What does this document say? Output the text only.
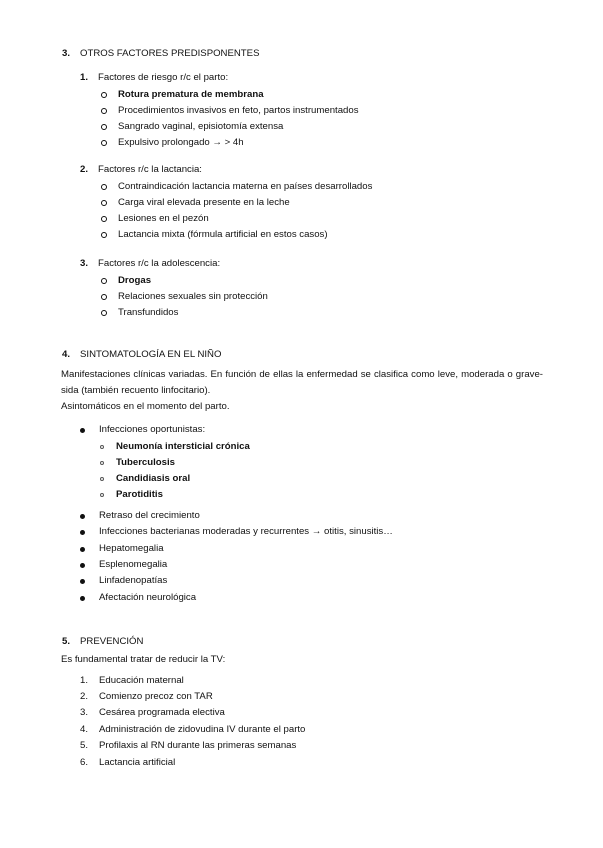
3. OTROS FACTORES PREDISPONENTES
1. Factores de riesgo r/c el parto:
Rotura prematura de membrana
Procedimientos invasivos en feto, partos instrumentados
Sangrado vaginal, episiotomía extensa
Expulsivo prolongado → > 4h
2. Factores r/c la lactancia:
Contraindicación lactancia materna en países desarrollados
Carga viral elevada presente en la leche
Lesiones en el pezón
Lactancia mixta (fórmula artificial en estos casos)
3. Factores r/c la adolescencia:
Drogas
Relaciones sexuales sin protección
Transfundidos
4. SINTOMATOLOGÍA EN EL NIÑO
Manifestaciones clínicas variadas. En función de ellas la enfermedad se clasifica como leve, moderada o grave-sida (también recuento linfocitario).
Asintomáticos en el momento del parto.
Infecciones oportunistas:
Neumonía intersticial crónica
Tuberculosis
Candidiasis oral
Parotiditis
Retraso del crecimiento
Infecciones bacterianas moderadas y recurrentes → otitis, sinusitis…
Hepatomegalia
Esplenomegalia
Linfadenopatías
Afectación neurológica
5. PREVENCIÓN
Es fundamental tratar de reducir la TV:
1. Educación maternal
2. Comienzo precoz con TAR
3. Cesárea programada electiva
4. Administración de zidovudina IV durante el parto
5. Profilaxis al RN durante las primeras semanas
6. Lactancia artificial
